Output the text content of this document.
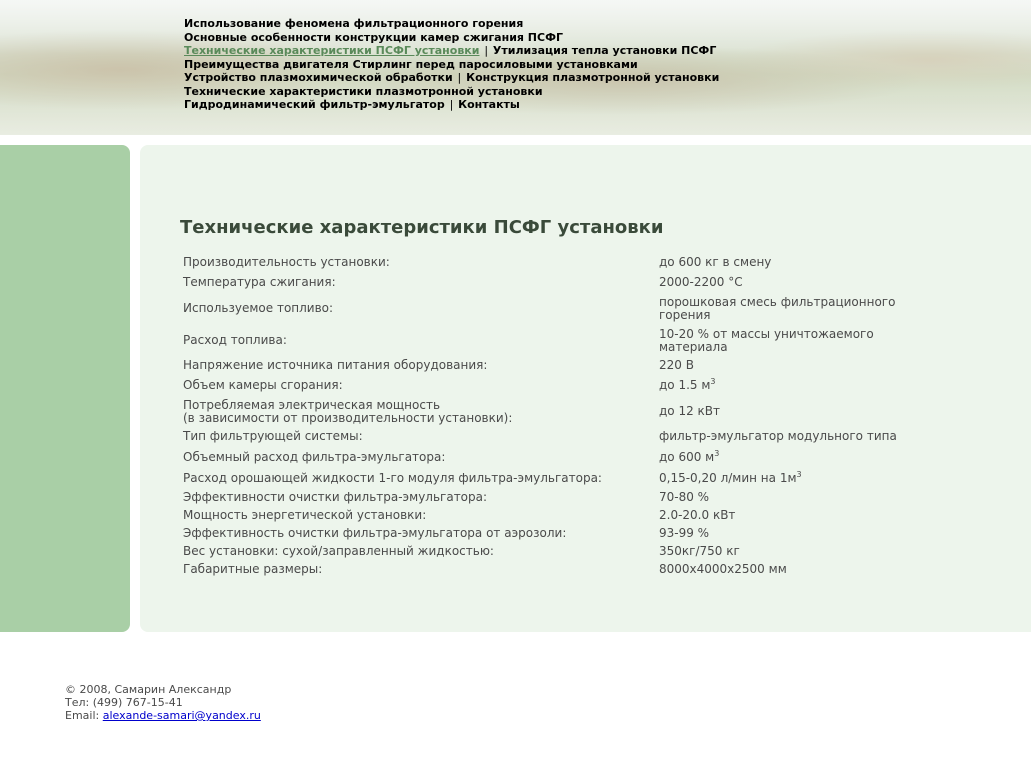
Использование феномена фильтрационного горения
Основные особенности конструкции камер сжигания ПСФГ
Технические характеристики ПСФГ установки | Утилизация тепла установки ПСФГ
Преимущества двигателя Стирлинг перед паросиловыми установками
Устройство плазмохимической обработки | Конструкция плазмотронной установки
Технические характеристики плазмотронной установки
Гидродинамический фильтр-эмульгатор | Контакты
Технические характеристики ПСФГ установки
Производительность установки:	до 600 кг в смену
Температура сжигания:	2000-2200 °С
Используемое топливо:	порошковая смесь фильтрационного горения
Расход топлива:	10-20 % от массы уничтожаемого материала
Напряжение источника питания оборудования:	220 В
Объем камеры сгорания:	до 1.5 $м^3$

Потребляемая электрическая мощность
(в зависимости от производительности установки):	до 12 кВт
Тип фильтрующей системы:	фильтр-эмульгатор модульного типа
Объемный расход фильтра-эмульгатора:	до 600 $м^3$
Расход орошающей жидкости 1-го модуля фильтра-эмульгатора:	0,15-0,20 л/мин на $1м^3$
Эффективности очистки фильтра-эмульгатора:	70-80 %
Мощность энергетической установки:	2.0-20.0 кВт
Эффективность очистки фильтра-эмульгатора от аэрозоли:	93-99 %
Вес установки: сухой/заправленный жидкостью:	350кг/750 кг
Габаритные размеры:	8000х4000х2500 мм
© 2008, Самарин Александр
Тел: (499) 767-15-41
Email: alexande-samari@yandex.ru
